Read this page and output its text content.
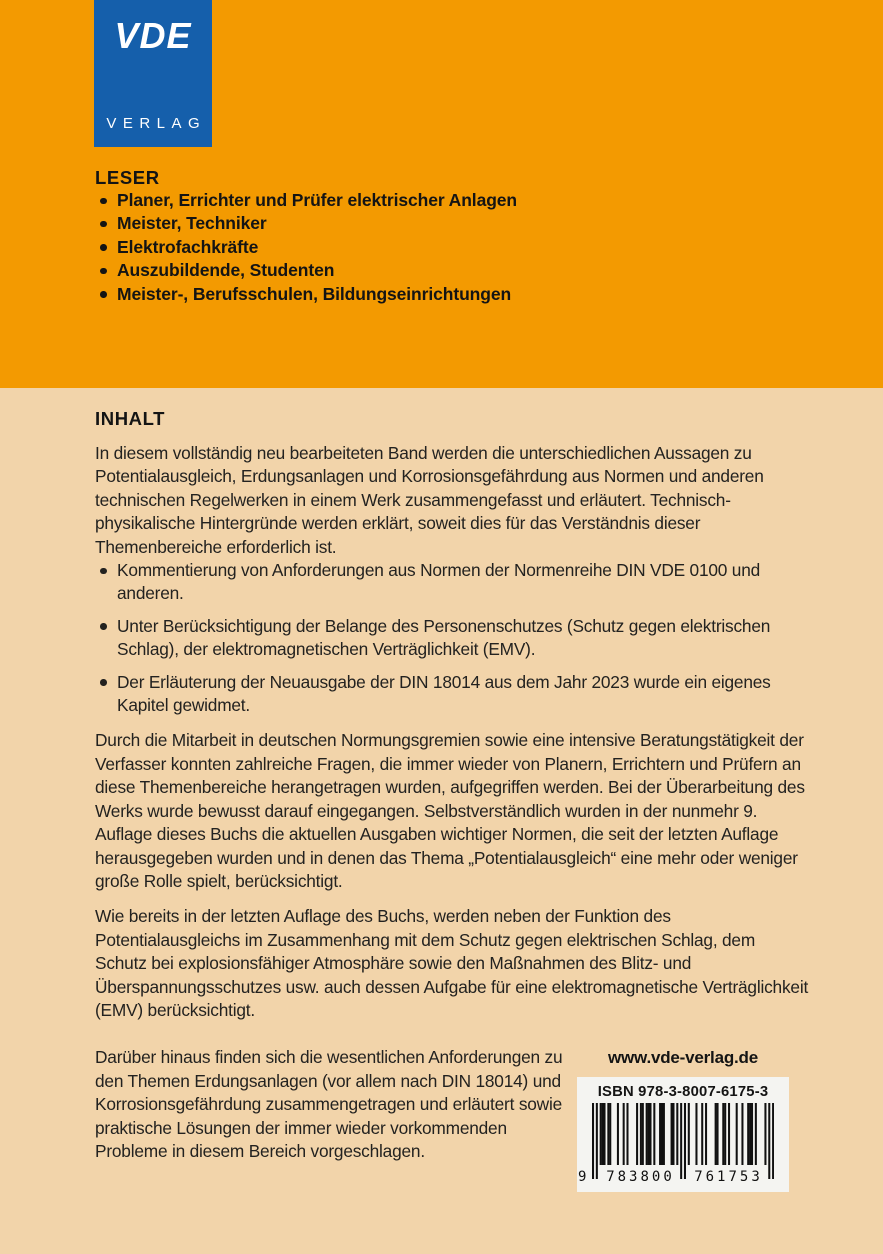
VDE
VERLAG
LESER
Planer, Errichter und Prüfer elektrischer Anlagen
Meister, Techniker
Elektrofachkräfte
Auszubildende, Studenten
Meister-, Berufsschulen, Bildungseinrichtungen
INHALT

In diesem vollständig neu bearbeiteten Band werden die unterschiedlichen Aussagen zu Potentialausgleich, Erdungsanlagen und Korrosionsgefährdung aus Normen und anderen technischen Regelwerken in einem Werk zusammengefasst und erläutert. Technisch-physikalische Hintergründe werden erklärt, soweit dies für das Verständnis dieser Themenbereiche erforderlich ist.

Kommentierung von Anforderungen aus Normen der Normenreihe DIN VDE 0100 und anderen.
Unter Berücksichtigung der Belange des Personenschutzes (Schutz gegen elektrischen Schlag), der elektromagnetischen Verträglichkeit (EMV).
Der Erläuterung der Neuausgabe der DIN 18014 aus dem Jahr 2023 wurde ein eigenes Kapitel gewidmet.

Durch die Mitarbeit in deutschen Normungsgremien sowie eine intensive Beratungstätigkeit der Verfasser konnten zahlreiche Fragen, die immer wieder von Planern, Errichtern und Prüfern an diese Themenbereiche herangetragen wurden, aufgegriffen werden. Bei der Überarbeitung des Werks wurde bewusst darauf eingegangen. Selbstverständlich wurden in der nunmehr 9. Auflage dieses Buchs die aktuellen Ausgaben wichtiger Normen, die seit der letzten Auflage herausgegeben wurden und in denen das Thema „Potentialausgleich“ eine mehr oder weniger große Rolle spielt, berücksichtigt.

Wie bereits in der letzten Auflage des Buchs, werden neben der Funktion des Potentialausgleichs im Zusammenhang mit dem Schutz gegen elektrischen Schlag, dem Schutz bei explosionsfähiger Atmosphäre sowie den Maßnahmen des Blitz- und Überspannungsschutzes usw. auch dessen Aufgabe für eine elektromagnetische Verträglichkeit (EMV) berücksichtigt.

Darüber hinaus finden sich die wesentlichen Anforderungen zu den Themen Erdungsanlagen (vor allem nach DIN 18014) und Korrosionsgefährdung zusammengetragen und erläutert sowie praktische Lösungen der immer wieder vorkommenden Probleme in diesem Bereich vorgeschlagen.

www.vde-verlag.de
ISBN 978-3-8007-6175-3
9	783800	761753
